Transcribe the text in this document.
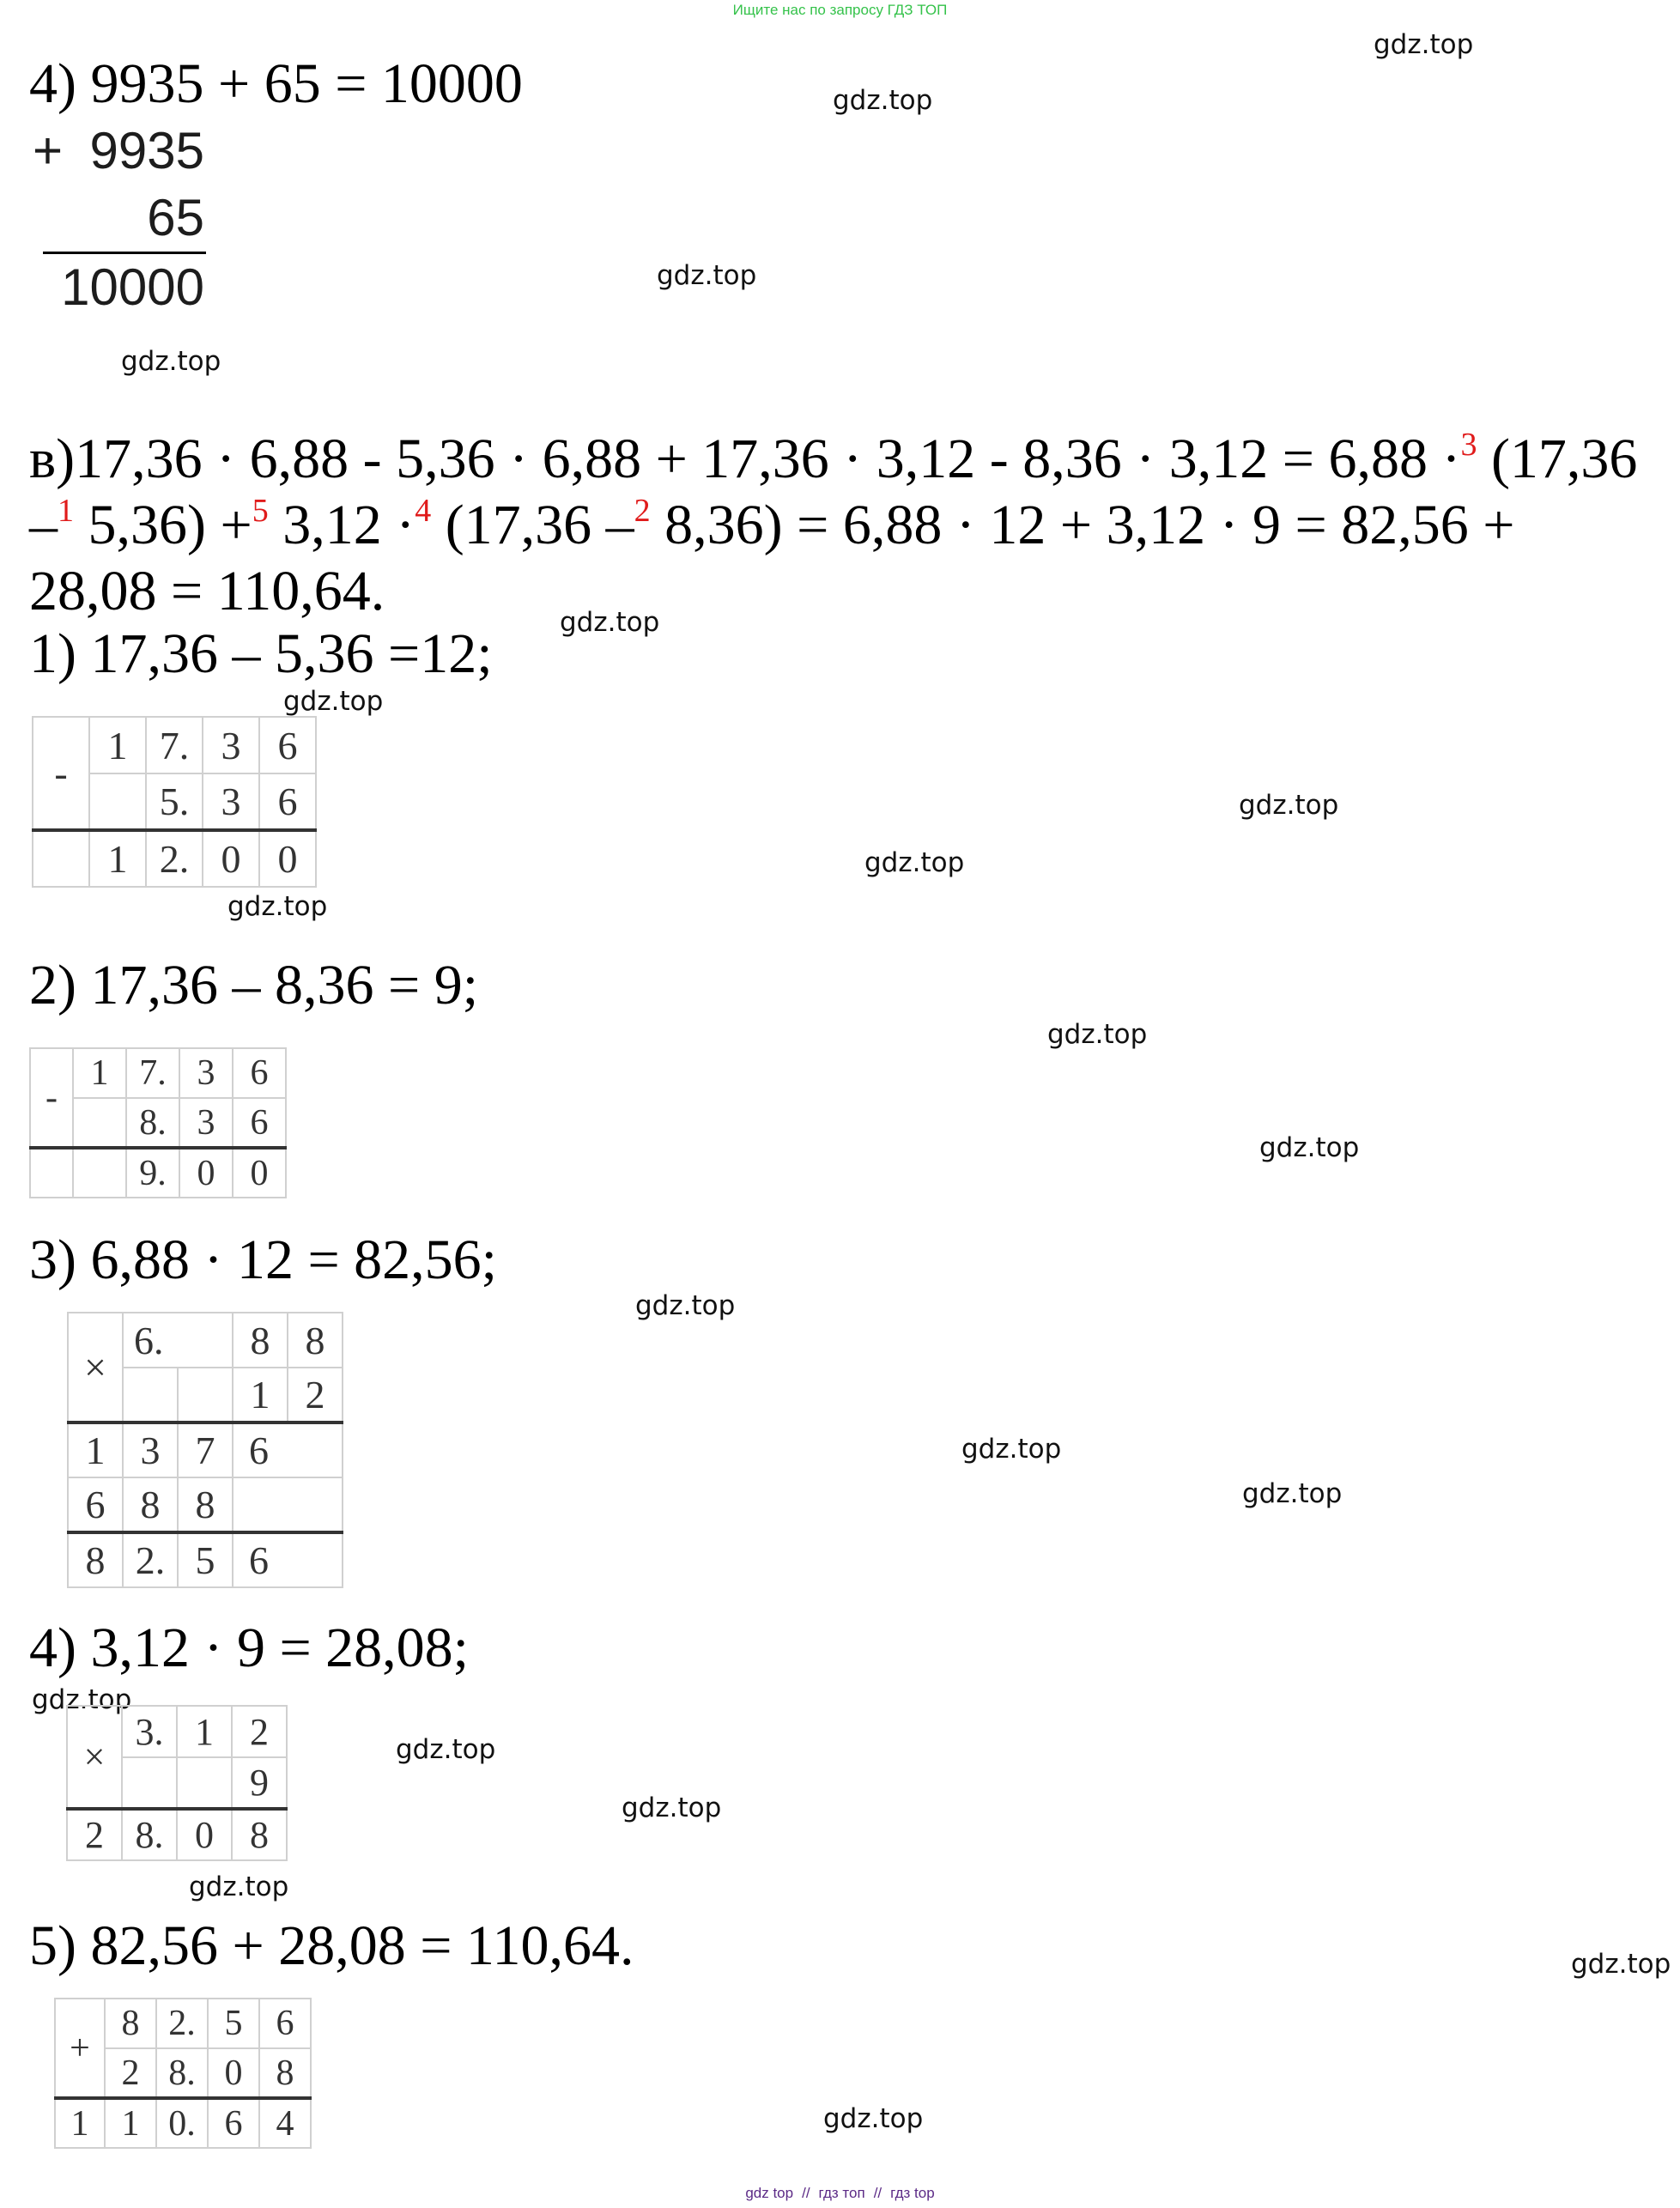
Ищите нас по запросу ГДЗ ТОП
gdz.top
gdz.top
gdz.top
gdz.top
gdz.top
gdz.top
gdz.top
gdz.top
gdz.top
gdz.top
gdz.top
gdz.top
gdz.top
gdz.top
gdz.top
gdz.top
gdz.top
gdz.top
gdz.top
gdz.top
4) 9935 + 65 = 10000
+ 9935
65
10000
в)17,36 · 6,88 - 5,36 · 6,88 + 17,36 · 3,12 - 8,36 · 3,12 = 6,88 ·$^3$ (17,36 –$^1$ 5,36) +$^5$ 3,12 ·$^4$ (17,36 –$^2$ 8,36) = 6,88 · 12 + 3,12 · 9 = 82,56 + 28,08 = 110,64.
1) 17,36 – 5,36 =12;
-	1	7.	3	6
		5.	3	6
	1	2.	0	0
2) 17,36 – 8,36 = 9;
-	1	7.	3	6
		8.	3	6
		9.	0	0
3) 6,88 · 12 = 82,56;
×	6.		8	8
			1	2
1	3	7	6	
6	8	8		
8	2.	5	6	
4) 3,12 · 9 = 28,08;
×	3.	1	2
			9
2	8.	0	8
5) 82,56 + 28,08 = 110,64.
+	8	2.	5	6
	2	8.	0	8
1	1	0.	6	4
gdz top // гдз топ // гдз top
